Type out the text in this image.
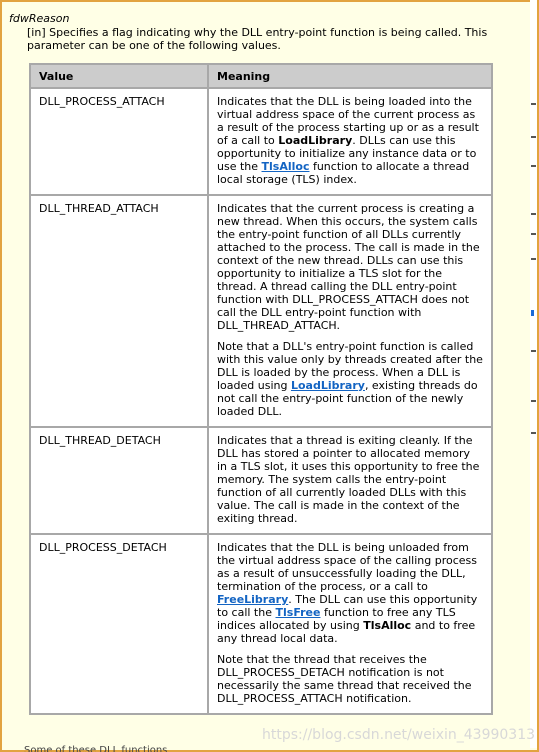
fdwReason
[in] Specifies a flag indicating why the DLL entry-point function is being called. This parameter can be one of the following values.
Value	Meaning
DLL_PROCESS_ATTACH	Indicates that the DLL is being loaded into the virtual address space of the current process as a result of the process starting up or as a result of a call to LoadLibrary. DLLs can use this opportunity to initialize any instance data or to use the TlsAlloc function to allocate a thread local storage (TLS) index.

DLL_THREAD_ATTACH	Indicates that the current process is creating a new thread. When this occurs, the system calls the entry-point function of all DLLs currently attached to the process. The call is made in the context of the new thread. DLLs can use this opportunity to initialize a TLS slot for the thread. A thread calling the DLL entry-point function with DLL_PROCESS_ATTACH does not call the DLL entry-point function with DLL_THREAD_ATTACH.

Note that a DLL's entry-point function is called with this value only by threads created after the DLL is loaded by the process. When a DLL is loaded using LoadLibrary, existing threads do not call the entry-point function of the newly loaded DLL.

DLL_THREAD_DETACH	Indicates that a thread is exiting cleanly. If the DLL has stored a pointer to allocated memory in a TLS slot, it uses this opportunity to free the memory. The system calls the entry-point function of all currently loaded DLLs with this value. The call is made in the context of the exiting thread.

DLL_PROCESS_DETACH	Indicates that the DLL is being unloaded from the virtual address space of the calling process as a result of unsuccessfully loading the DLL, termination of the process, or a call to FreeLibrary. The DLL can use this opportunity to call the TlsFree function to free any TLS indices allocated by using TlsAlloc and to free any thread local data.

Note that the thread that receives the DLL_PROCESS_DETACH notification is not necessarily the same thread that received the DLL_PROCESS_ATTACH notification.

https://blog.csdn.net/weixin_43990313
Some of these DLL functions
